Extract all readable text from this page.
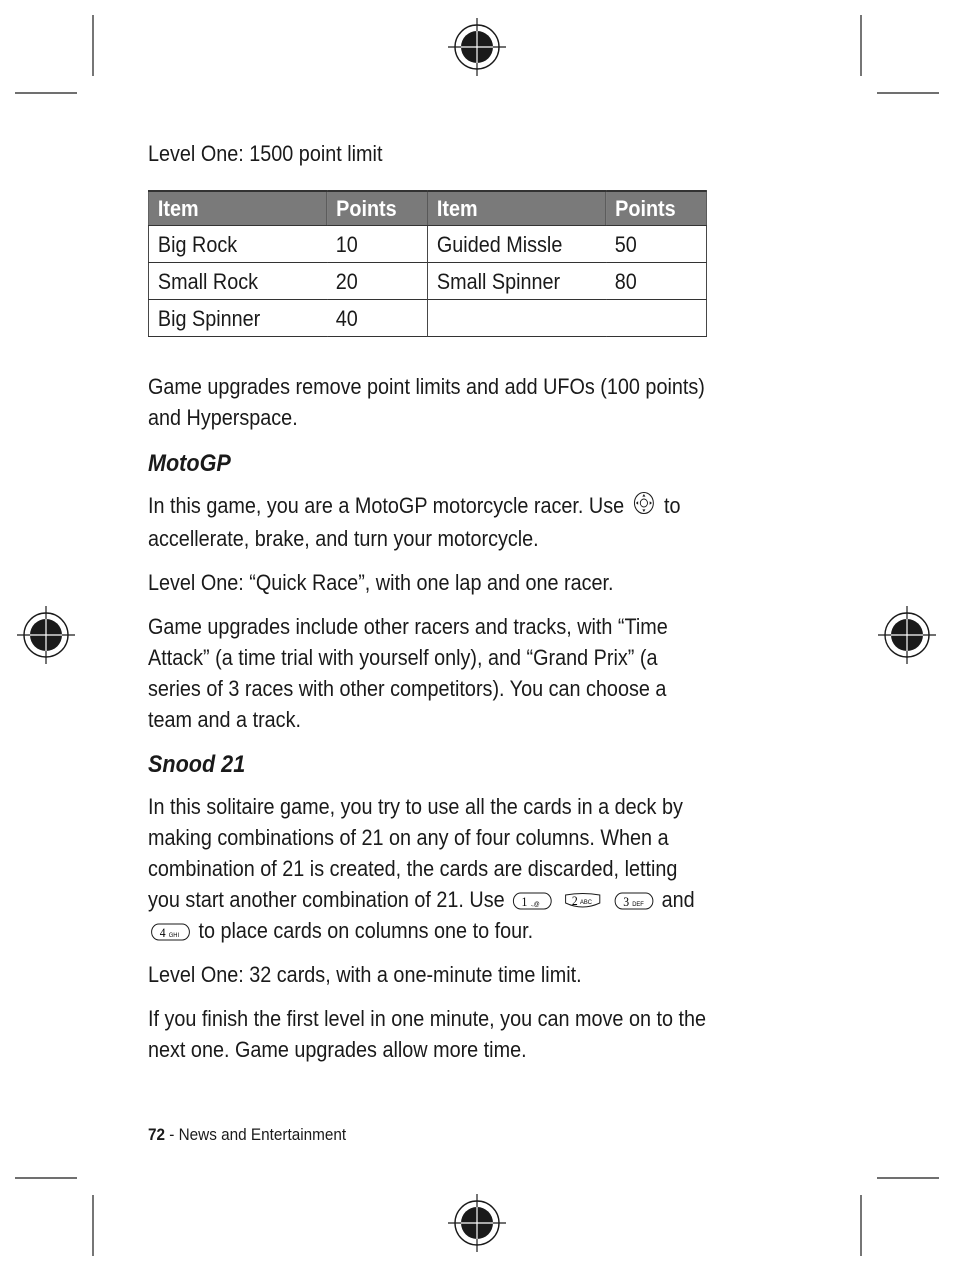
Level One: 1500 point limit

Item	Points	Item	Points
Big Rock	10	Guided Missle	50
Small Rock	20	Small Spinner	80
Big Spinner	40		

Game upgrades remove point limits and add UFOs (100 points) and Hyperspace.

MotoGP

In this game, you are a MotoGP motorcycle racer. Use to accellerate, brake, and turn your motorcycle.

Level One: “Quick Race”, with one lap and one racer.

Game upgrades include other racers and tracks, with “Time Attack” (a time trial with yourself only), and “Grand Prix” (a series of 3 races with other competitors). You can choose a team and a track.

Snood 21

In this solitaire game, you try to use all the cards in a deck by making combinations of 21 on any of four columns. When a combination of 21 is created, the cards are discarded, letting you start another combination of 21. Use 1 .,@
2 ABC
3 DEF and
4 GHI to place cards on columns one to four.

Level One: 32 cards, with a one-minute time limit.

If you finish the first level in one minute, you can move on to the next one. Game upgrades allow more time.

72 - News and Entertainment
